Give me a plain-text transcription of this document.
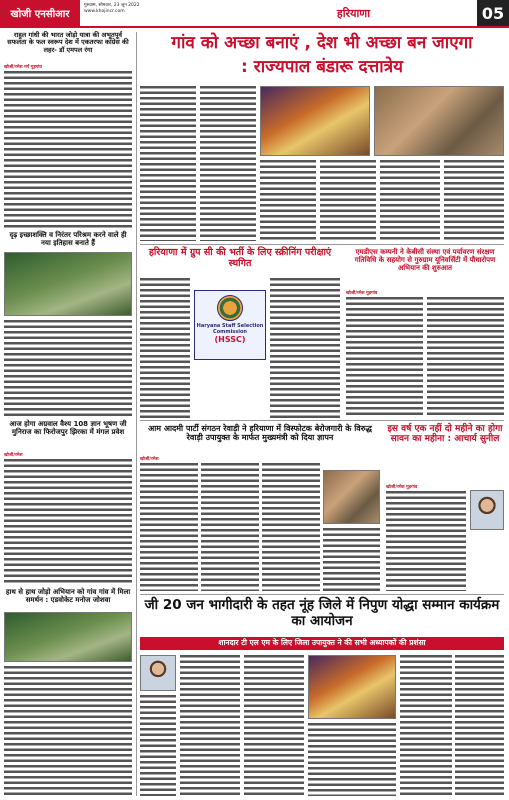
खोजी एनसीआर
गुरुग्राम, सोमवार, 23 जून 2022
www.khojincr.com	हरियाणा	05
राहुल गांधी की भारत जोड़ो यात्रा की अभूतपूर्व सफलता के फल स्वरूप देश में एकतरफा कांग्रेस की लहर- डॉ एमपल रंगा
खोजी/रमेश गर्ग गुड़गांव
गांव को अच्छा बनाएं , देश भी अच्छा बन जाएगा
: राज्यपाल बंडारू दत्तात्रेय
दृढ़ इच्छाशक्ति व निरंतर परिश्रम करने वाले ही नया इतिहास बनाते हैं
हरियाणा में ग्रुप सी की भर्ती के लिए स्क्रीनिंग परीक्षाएं स्थगित
Haryana Staff Selection Commission
(HSSC)
एमडीएस कम्पनी ने केबीसी संस्था एवं पर्यावरण संरक्षण गतिविधि के सहयोग से गुरुग्राम यूनिवर्सिटी में पौधारोपण अभियान की शुरुआत
खोजी/रमेश गुड़गांव
आज होगा अग्रवाल वैश्य 108 ज्ञान भूषण जी मुनिराज का फिरोजपुर झिरका में मंगल प्रवेश
खोजी/रमेश
आम आदमी पार्टी संगठन रेवाड़ी ने हरियाणा में विस्फोटक बेरोजगारी के विरुद्ध रेवाड़ी उपायुक्त के मार्फत मुख्यमंत्री को दिया ज्ञापन
खोजी/रमेश
इस वर्ष एक नहीं दो महीने का होगा सावन का महीना : आचार्य सुनील
खोजी/रमेश गुड़गांव
हाथ से हाथ जोड़ो अभियान को गांव गांव में मिला समर्थन : एडवोकेट मनोज जोशवा	जी 20 जन भागीदारी के तहत नूंह जिले में निपुण योद्धा सम्मान कार्यक्रम का आयोजन
शानदार टी एल एम के लिए जिला उपायुक्त ने की सभी अध्यापकों की प्रशंसा
